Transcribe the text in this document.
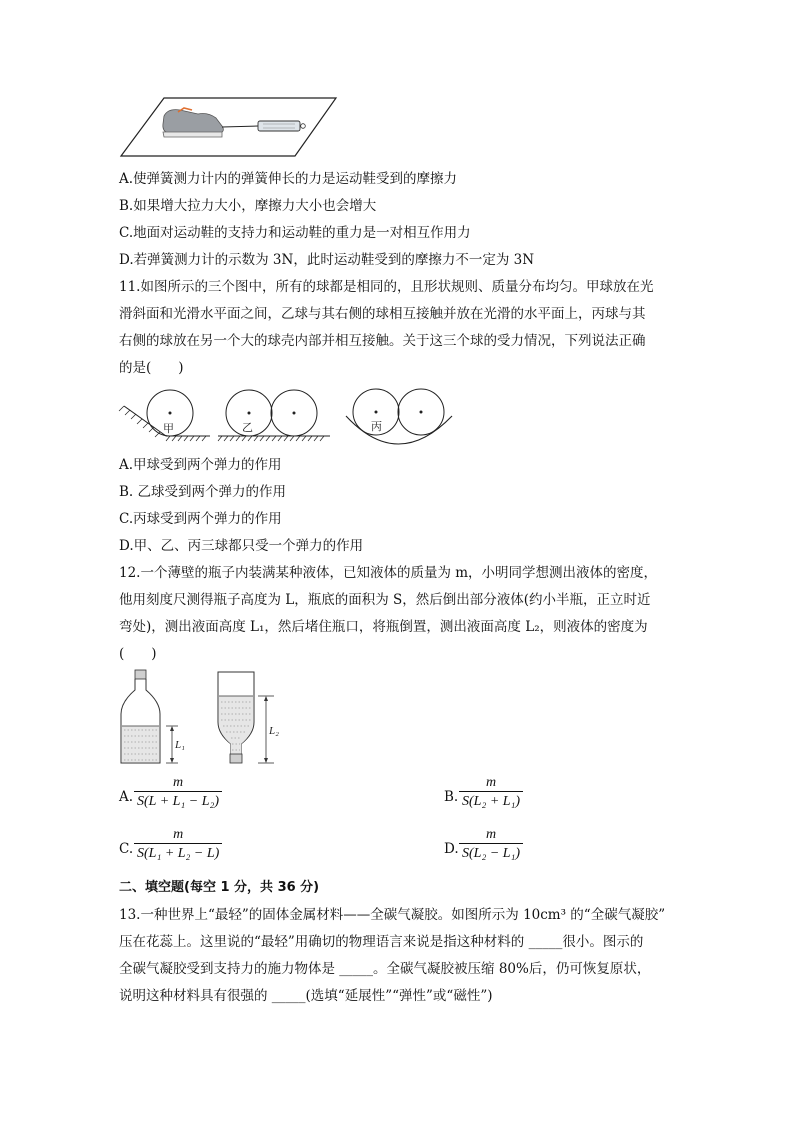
A.使弹簧测力计内的弹簧伸长的力是运动鞋受到的摩擦力
B.如果增大拉力大小，摩擦力大小也会增大
C.地面对运动鞋的支持力和运动鞋的重力是一对相互作用力
D.若弹簧测力计的示数为 3N，此时运动鞋受到的摩擦力不一定为 3N
11.如图所示的三个图中，所有的球都是相同的，且形状规则、质量分布均匀。甲球放在光
滑斜面和光滑水平面之间，乙球与其右侧的球相互接触并放在光滑的水平面上，丙球与其
右侧的球放在另一个大的球壳内部并相互接触。关于这三个球的受力情况，下列说法正确
的是(　　)
甲	乙	丙
A.甲球受到两个弹力的作用
B. 乙球受到两个弹力的作用
C.丙球受到两个弹力的作用
D.甲、乙、丙三球都只受一个弹力的作用
12.一个薄壁的瓶子内装满某种液体，已知液体的质量为 m，小明同学想测出液体的密度，
他用刻度尺测得瓶子高度为 L，瓶底的面积为 S，然后倒出部分液体(约小半瓶，正立时近
弯处)，测出液面高度 L₁，然后堵住瓶口，将瓶倒置，测出液面高度 L₂，则液体的密度为
(　　)
L₁
L₂
A. $\frac{m}{\text{S(L + L₁ − L₂)}}$	B. $\frac{m}{\text{S(L₂ + L₁)}}$
C. $\frac{m}{\text{S(L₁ + L₂ − L)}}$	D. $\frac{m}{\text{S(L₂ − L₁)}}$
二、填空题(每空 1 分，共 36 分)
13.一种世界上“最轻”的固体金属材料——全碳气凝胶。如图所示为 10cm³ 的“全碳气凝胶”
压在花蕊上。这里说的“最轻”用确切的物理语言来说是指这种材料的 _____很小。图示的
全碳气凝胶受到支持力的施力物体是 _____。全碳气凝胶被压缩 80%后，仍可恢复原状，
说明这种材料具有很强的 _____(选填“延展性”“弹性”或“磁性”)
